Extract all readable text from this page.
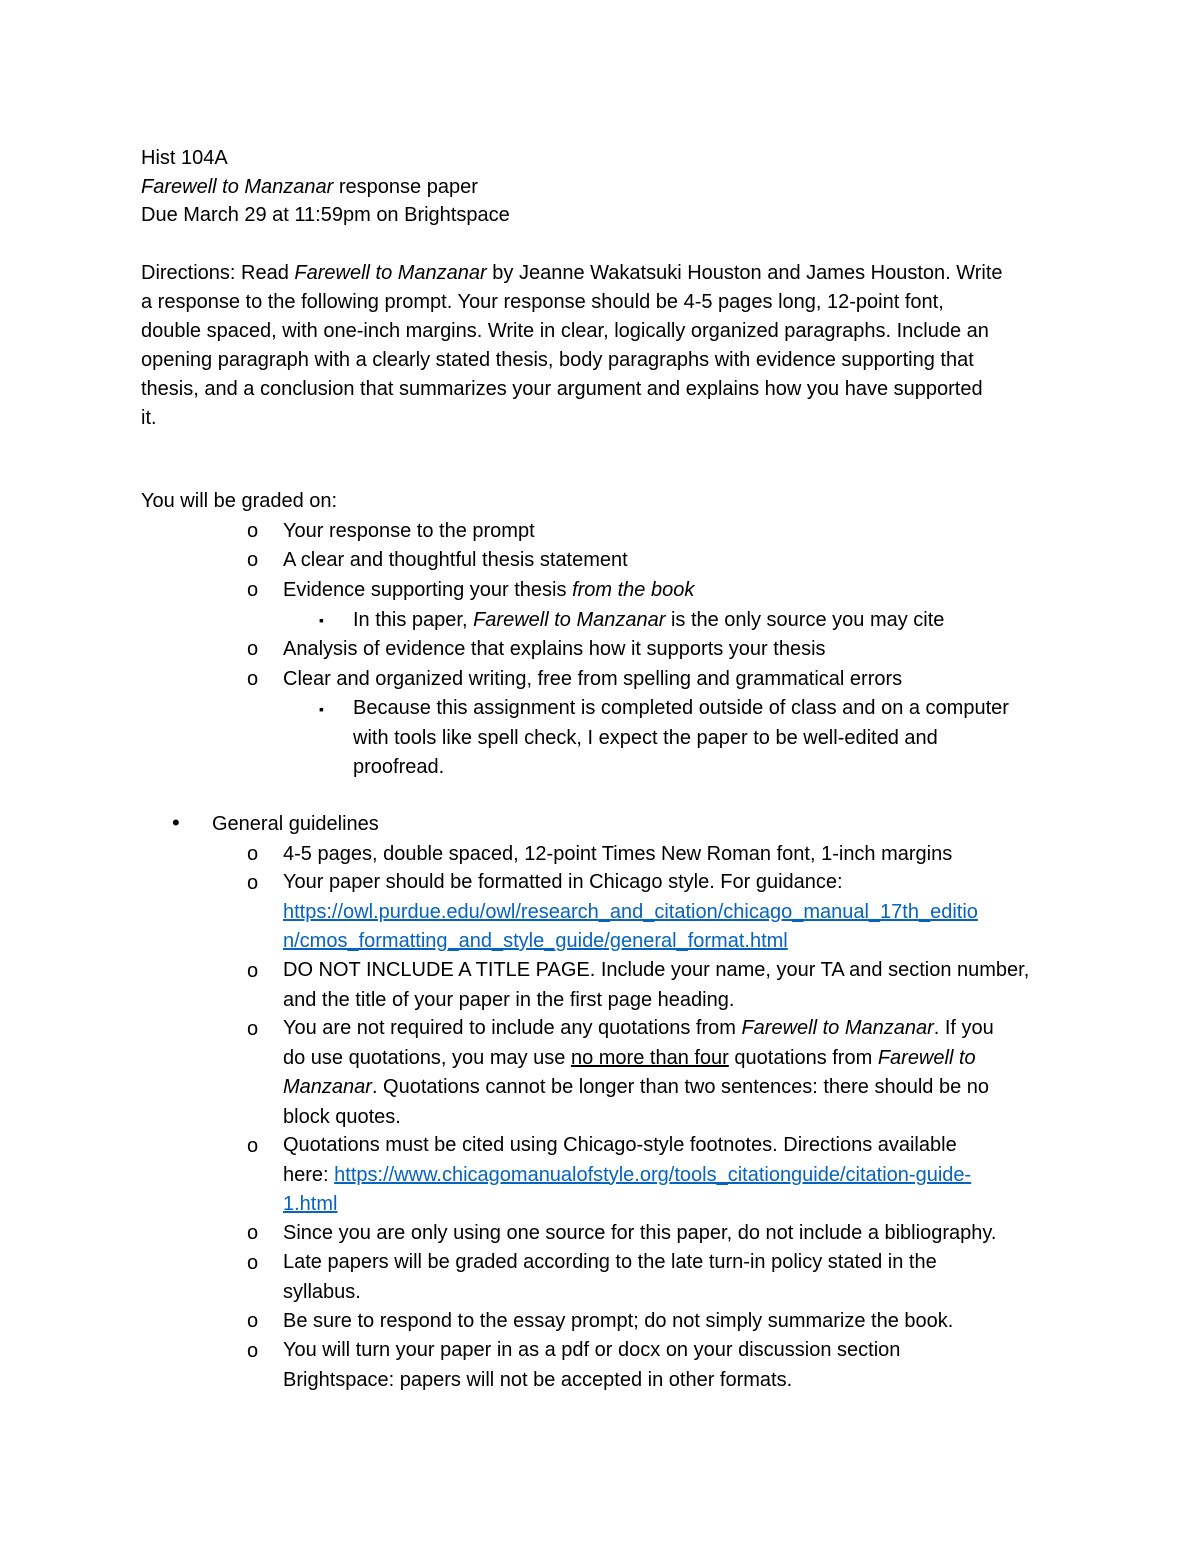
Hist 104A
Farewell to Manzanar response paper
Due March 29 at 11:59pm on Brightspace
Directions: Read Farewell to Manzanar by Jeanne Wakatsuki Houston and James Houston. Write
a response to the following prompt. Your response should be 4-5 pages long, 12-point font,
double spaced, with one-inch margins. Write in clear, logically organized paragraphs. Include an
opening paragraph with a clearly stated thesis, body paragraphs with evidence supporting that
thesis, and a conclusion that summarizes your argument and explains how you have supported
it.
You will be graded on:
o Your response to the prompt
o A clear and thoughtful thesis statement
o Evidence supporting your thesis from the book
▪ In this paper, Farewell to Manzanar is the only source you may cite
o Analysis of evidence that explains how it supports your thesis
o Clear and organized writing, free from spelling and grammatical errors
▪ Because this assignment is completed outside of class and on a computer
with tools like spell check, I expect the paper to be well-edited and
proofread.
• General guidelines
o 4-5 pages, double spaced, 12-point Times New Roman font, 1-inch margins
o Your paper should be formatted in Chicago style. For guidance:
https://owl.purdue.edu/owl/research_and_citation/chicago_manual_17th_editio
n/cmos_formatting_and_style_guide/general_format.html
o DO NOT INCLUDE A TITLE PAGE. Include your name, your TA and section number,
and the title of your paper in the first page heading.
o You are not required to include any quotations from Farewell to Manzanar. If you
do use quotations, you may use no more than four quotations from Farewell to
Manzanar. Quotations cannot be longer than two sentences: there should be no
block quotes.
o Quotations must be cited using Chicago-style footnotes. Directions available
here: https://www.chicagomanualofstyle.org/tools_citationguide/citation-guide-
1.html
o Since you are only using one source for this paper, do not include a bibliography.
o Late papers will be graded according to the late turn-in policy stated in the
syllabus.
o Be sure to respond to the essay prompt; do not simply summarize the book.
o You will turn your paper in as a pdf or docx on your discussion section
Brightspace: papers will not be accepted in other formats.
